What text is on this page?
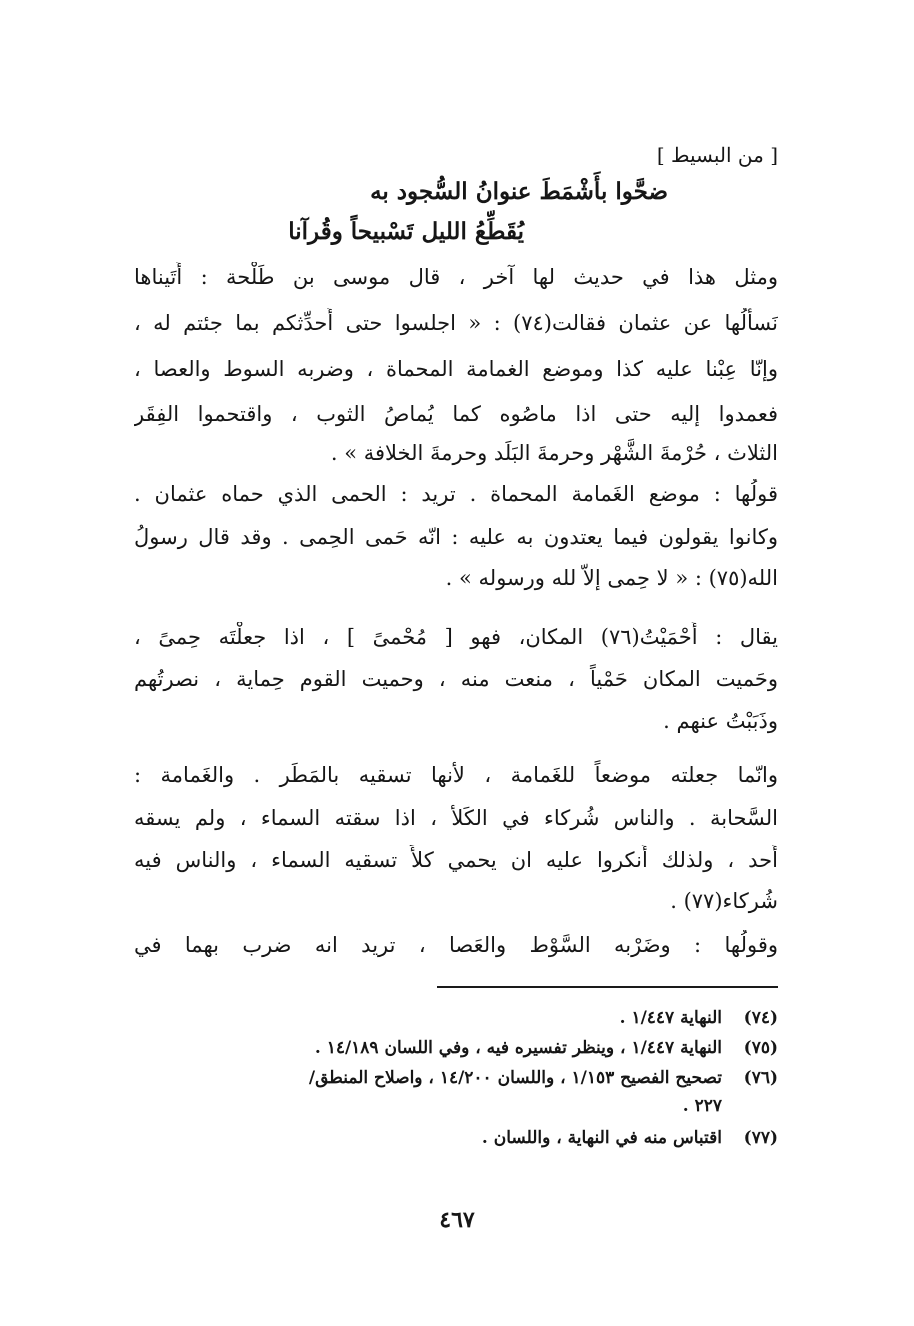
[ من البسيط ]
ضحَّوا بأَشْمَطَ عنوانُ السُّجود به
يُقَطِّعُ الليل تَسْبيحاً وقُرآنا
ومثل هذا في حديث لها آخر ، قال موسى بن طَلْحة : أَتَيناها
نَسأَلُها عن عثمان فقالت(٧٤) : « اجلسوا حتى أُحدِّثكم بما جئتم له ،
وإنّا عِبْنا عليه كذا وموضع الغمامة المحماة ، وضربه السوط والعصا ،
فعمدوا إليه حتى اذا ماصُوه كما يُماصُ الثوب ، واقتحموا الفِقَر
الثلاث ، حُرْمةَ الشَّهْر وحرمةَ البَلَد وحرمةَ الخلافة » .
قولُها : موضع الغَمامة المحماة . تريد : الحمى الذي حماه عثمان .
وكانوا يقولون فيما يعتدون به عليه : انّه حَمى الحِمى . وقد قال رسولُ
الله(٧٥) : « لا حِمى إلاّ لله ورسوله » .
يقال : أَحْمَيْتُ(٧٦) المكان، فهو [ مُحْمىً ] ، اذا جعلْتَه حِمىً ،
وحَميت المكان حَمْياً ، منعت منه ، وحميت القوم حِماية ، نصرتُهم
وذَبَبْتُ عنهم .
وانّما جعلته موضعاً للغَمامة ، لأنها تسقيه بالمَطَر . والغَمامة :
السَّحابة . والناس شُركاء في الكَلأ ، اذا سقته السماء ، ولم يسقه
أَحد ، ولذلك أَنكروا عليه ان يحمي كلأً تسقيه السماء ، والناس فيه
شُركاء(٧٧) .
وقولُها : وضَرْبه السَّوْط والعَصا ، تريد انه ضرب بهما في
(٧٤)النهاية ١/٤٤٧ .
(٧٥)النهاية ١/٤٤٧ ، وينظر تفسيره فيه ، وفي اللسان ١٤/١٨٩ .
(٧٦)تصحيح الفصيح ١/١٥٣ ، واللسان ١٤/٢٠٠ ، واصلاح المنطق/
٢٢٧ .
(٧٧)اقتباس منه في النهاية ، واللسان .
٤٦٧
